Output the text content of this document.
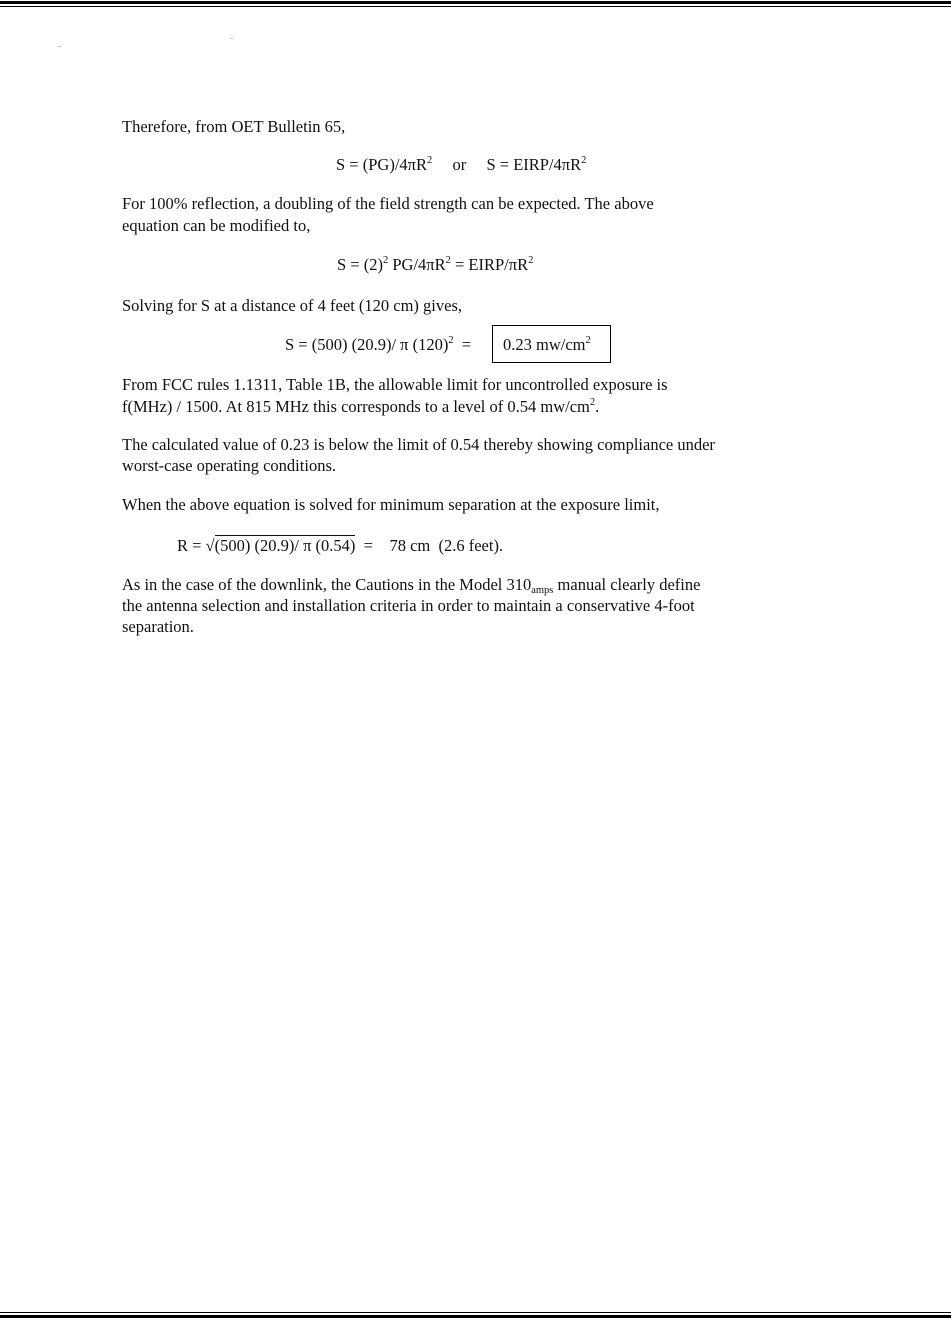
Therefore, from OET Bulletin 65,
$S = (PG)/4\pi R^2$ or S = EIRP/$4\pi R^2$
For 100% reflection, a doubling of the field strength can be expected. The above
equation can be modified to,
$S = (2)^2$ $PG/4\pi R^2$ = EIRP/$\pi R^2$
Solving for S at a distance of 4 feet (120 cm) gives,
S = (500) (20.9)/ π $(120)^2$ =	0.23 $mw/cm^2$
From FCC rules 1.1311, Table 1B, the allowable limit for uncontrolled exposure is
f(MHz) / 1500. At 815 MHz this corresponds to a level of 0.54 $mw/cm^2$.
The calculated value of 0.23 is below the limit of 0.54 thereby showing compliance under
worst-case operating conditions.
When the above equation is solved for minimum separation at the exposure limit,
R = √(500) (20.9)/ π (0.54)  =    78 cm  (2.6 feet).
As in the case of the downlink, the Cautions in the Model $310_{amps}$ manual clearly define
the antenna selection and installation criteria in order to maintain a conservative 4-foot
separation.
